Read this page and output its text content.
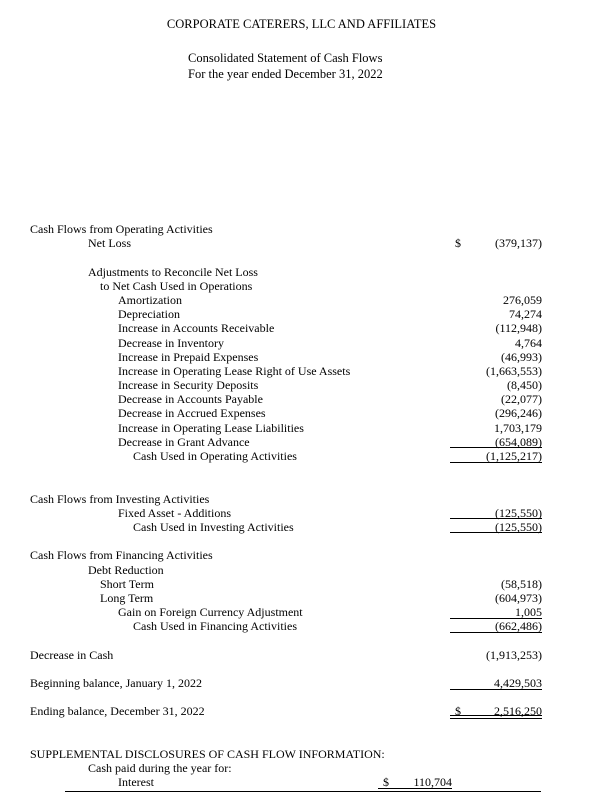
CORPORATE CATERERS, LLC AND AFFILIATES
Consolidated Statement of Cash Flows
For the year ended December 31, 2022
Cash Flows from Operating Activities
Net Loss	$	(379,137)
Adjustments to Reconcile Net Loss
to Net Cash Used in Operations
Amortization	276,059
Depreciation	74,274
Increase in Accounts Receivable	(112,948)
Decrease in Inventory	4,764
Increase in Prepaid Expenses	(46,993)
Increase in Operating Lease Right of Use Assets	(1,663,553)
Increase in Security Deposits	(8,450)
Decrease in Accounts Payable	(22,077)
Decrease in Accrued Expenses	(296,246)
Increase in Operating Lease Liabilities	1,703,179
Decrease in Grant Advance	(654,089)
Cash Used in Operating Activities	(1,125,217)
Cash Flows from Investing Activities
Fixed Asset - Additions	(125,550)
Cash Used in Investing Activities	(125,550)
Cash Flows from Financing Activities
Debt Reduction
Short Term	(58,518)
Long Term	(604,973)
Gain on Foreign Currency Adjustment	1,005
Cash Used in Financing Activities	(662,486)
Decrease in Cash	(1,913,253)
Beginning balance, January 1, 2022	4,429,503
Ending balance, December 31, 2022	$	2,516,250
SUPPLEMENTAL DISCLOSURES OF CASH FLOW INFORMATION:
Cash paid during the year for:
Interest	$	110,704
